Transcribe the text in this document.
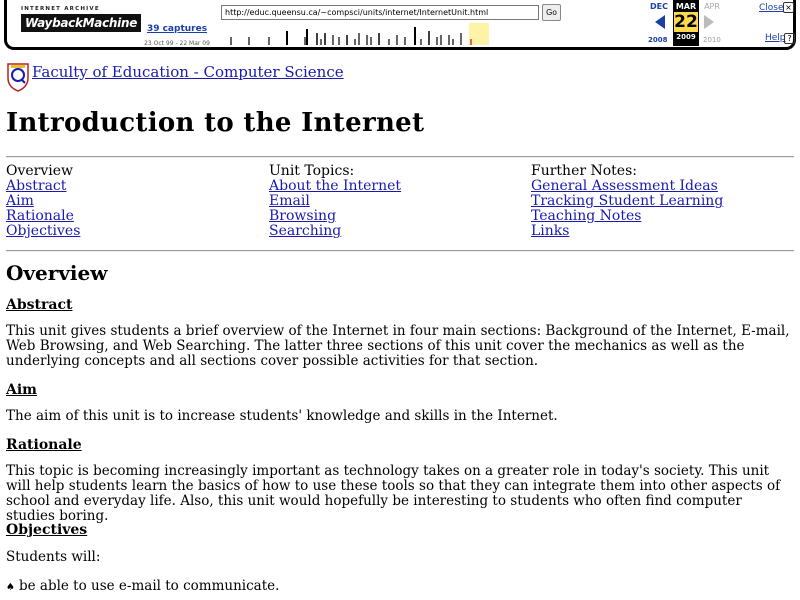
INTERNET ARCHIVE
WaybackMachine	39 captures
23 Oct 99 - 22 Mar 09
http://educ.queensu.ca/~compsci/units/internet/InternetUnit.html	Go
DEC
2008
MAR
22
2009
APR
2010
Close ×
Help ?
Faculty of Education - Computer Science
Introduction to the Internet
Overview
Abstract
Aim
Rationale
Objectives
Unit Topics:
About the Internet
Email
Browsing
Searching
Further Notes:
General Assessment Ideas
Tracking Student Learning
Teaching Notes
Links
Overview
Abstract

This unit gives students a brief overview of the Internet in four main sections: Background of the Internet, E-mail, Web Browsing, and Web Searching. The latter three sections of this unit cover the mechanics as well as the underlying concepts and all sections cover possible activities for that section.

Aim

The aim of this unit is to increase students' knowledge and skills in the Internet.

Rationale

This topic is becoming increasingly important as technology takes on a greater role in today's society. This unit will help students learn the basics of how to use these tools so that they can integrate them into other aspects of school and everyday life. Also, this unit would hopefully be interesting to students who often find computer studies boring.

Objectives

Students will:

♠ be able to use e-mail to communicate.
